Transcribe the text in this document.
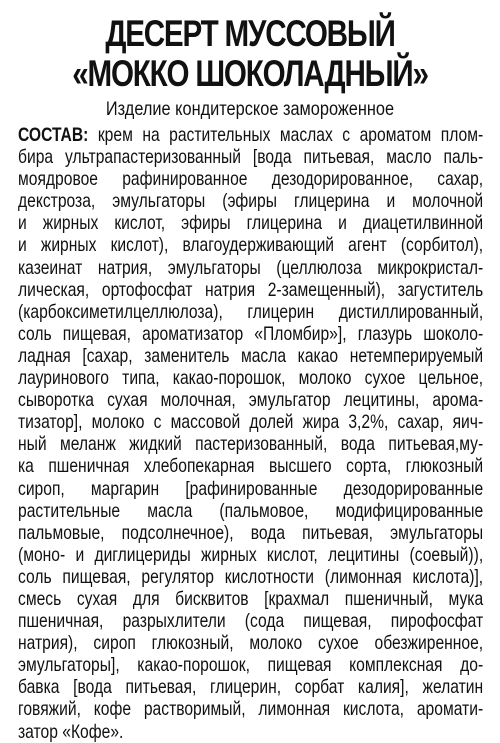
ДЕСЕРТ МУССОВЫЙ
«МОККО ШОКОЛАДНЫЙ»
Изделие кондитерское замороженное
СОСТАВ: крем на растительных маслах с ароматом плом-
бира ультрапастеризованный [вода питьевая, масло паль-
моядровое рафинированное дезодорированное, сахар,
декстроза, эмульгаторы (эфиры глицерина и молочной
и жирных кислот, эфиры глицерина и диацетилвинной
и жирных кислот), влагоудерживающий агент (сорбитол),
казеинат натрия, эмульгаторы (целлюлоза микрокристал-
лическая, ортофосфат натрия 2-замещенный), загуститель
(карбоксиметилцеллюлоза), глицерин дистиллированный,
соль пищевая, ароматизатор «Пломбир»], глазурь шоколо-
ладная [сахар, заменитель масла какао нетемперируемый
лауринового типа, какао-порошок, молоко сухое цельное,
сыворотка сухая молочная, эмульгатор лецитины, арома-
тизатор], молоко с массовой долей жира 3,2%, сахар, яич-
ный меланж жидкий пастеризованный, вода питьевая,му-
ка пшеничная хлебопекарная высшего сорта, глюкозный
сироп, маргарин [рафинированные дезодорированные
растительные масла (пальмовое, модифицированные
пальмовые, подсолнечное), вода питьевая, эмульгаторы
(моно- и диглицериды жирных кислот, лецитины (соевый)),
соль пищевая, регулятор кислотности (лимонная кислота)],
смесь сухая для бисквитов [крахмал пшеничный, мука
пшеничная, разрыхлители (сода пищевая, пирофосфат
натрия), сироп глюкозный, молоко сухое обезжиренное,
эмульгаторы], какао-порошок, пищевая комплексная до-
бавка [вода питьевая, глицерин, сорбат калия], желатин
говяжий, кофе растворимый, лимонная кислота, аромати-
затор «Кофе».
